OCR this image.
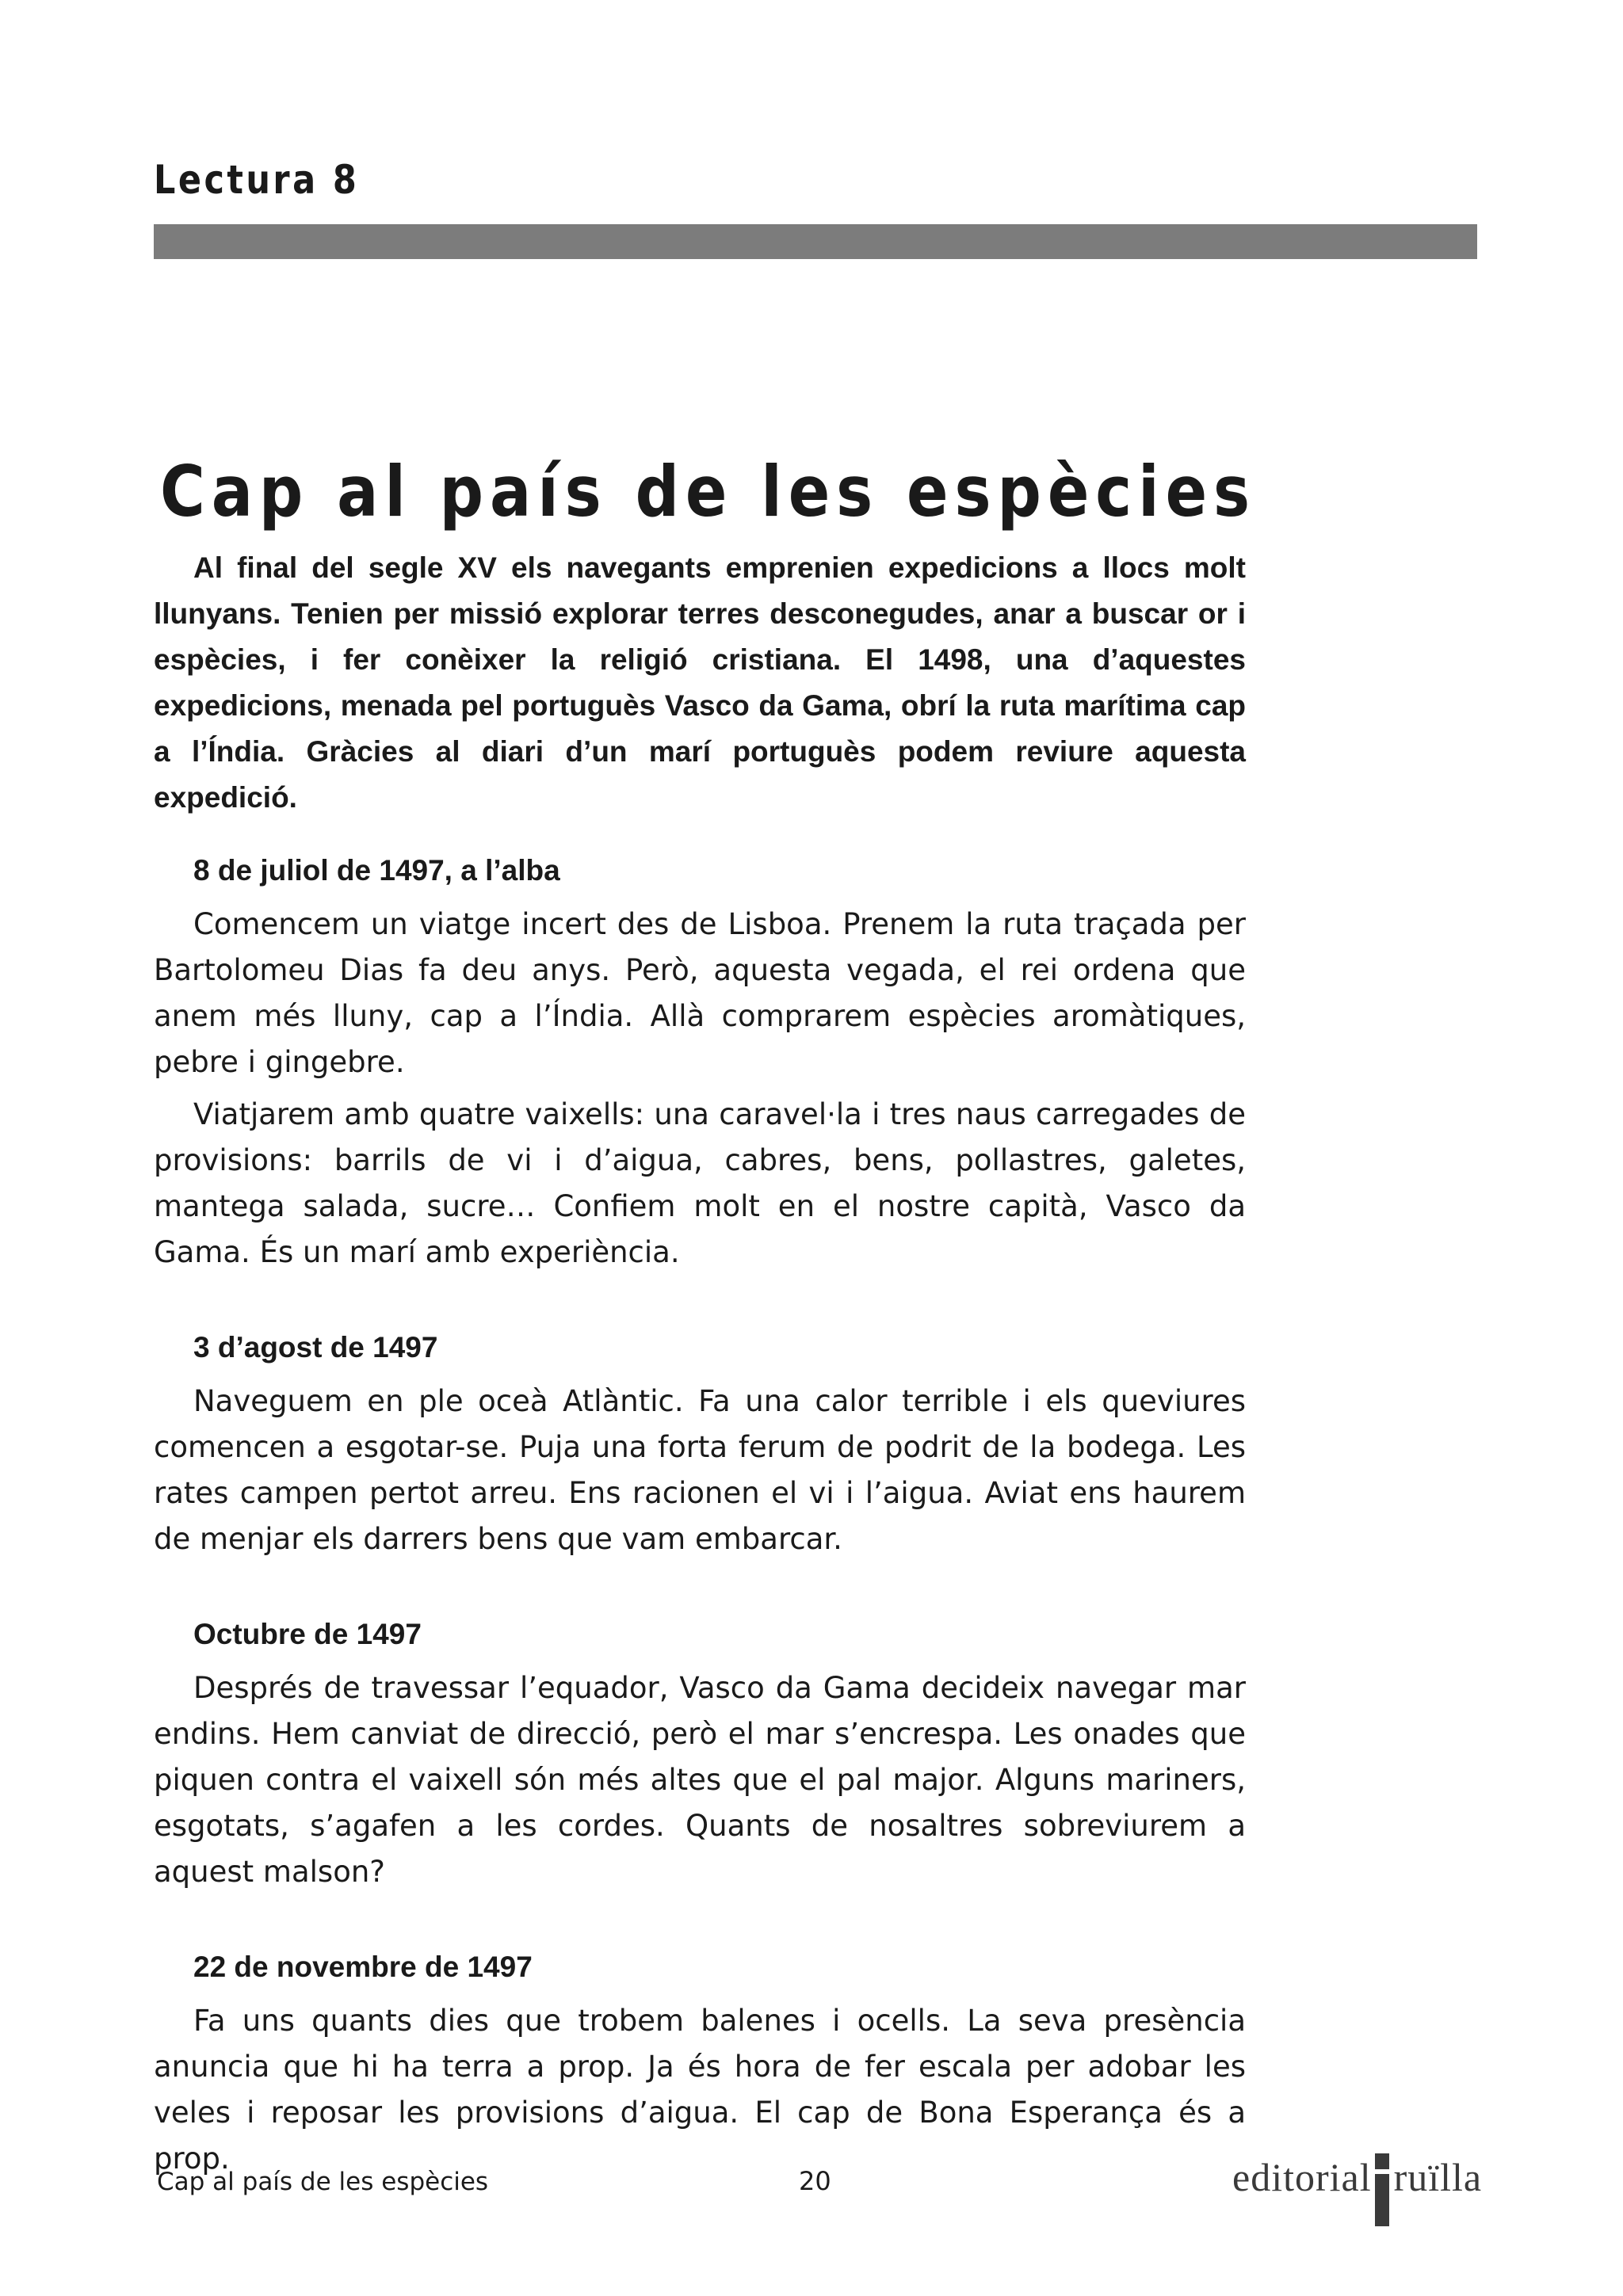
Lectura 8
Cap al país de les espècies

Al final del segle XV els navegants emprenien expedicions a llocs molt llunyans. Tenien per missió explorar terres desconegudes, anar a buscar or i espècies, i fer conèixer la religió cristiana. El 1498, una d’aquestes expedicions, menada pel portuguès Vasco da Gama, obrí la ruta marítima cap a l’Índia. Gràcies al diari d’un marí portuguès podem reviure aquesta expedició.

8 de juliol de 1497, a l’alba

Comencem un viatge incert des de Lisboa. Prenem la ruta traçada per Bartolomeu Dias fa deu anys. Però, aquesta vegada, el rei ordena que anem més lluny, cap a l’Índia. Allà comprarem espècies aromàtiques, pebre i gingebre.

Viatjarem amb quatre vaixells: una caravel·la i tres naus carregades de provisions: barrils de vi i d’aigua, cabres, bens, pollastres, galetes, mantega salada, sucre… Confiem molt en el nostre capità, Vasco da Gama. És un marí amb experiència.

3 d’agost de 1497

Naveguem en ple oceà Atlàntic. Fa una calor terrible i els queviures comencen a esgotar-se. Puja una forta ferum de podrit de la bodega. Les rates campen pertot arreu. Ens racionen el vi i l’aigua. Aviat ens haurem de menjar els darrers bens que vam embarcar.

Octubre de 1497

Després de travessar l’equador, Vasco da Gama decideix navegar mar endins. Hem canviat de direcció, però el mar s’encrespa. Les onades que piquen contra el vaixell són més altes que el pal major. Alguns mariners, esgotats, s’agafen a les cordes. Quants de nosaltres sobreviurem a aquest malson?

22 de novembre de 1497

Fa uns quants dies que trobem balenes i ocells. La seva presència anuncia que hi ha terra a prop. Ja és hora de fer escala per adobar les veles i reposar les provisions d’aigua. El cap de Bona Esperança és a prop.

Cap al país de les espècies	20	editorial ruïlla
